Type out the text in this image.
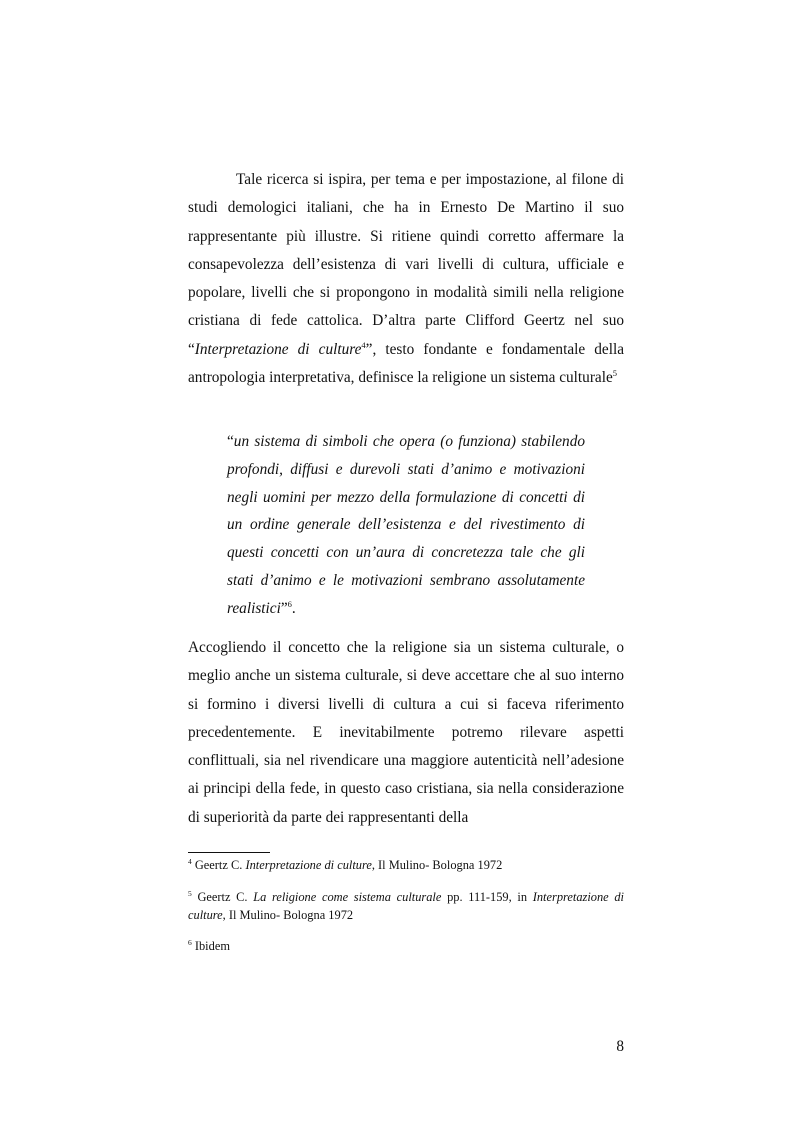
Tale ricerca si ispira, per tema e per impostazione, al filone di studi demologici italiani, che ha in Ernesto De Martino il suo rappresentante più illustre. Si ritiene quindi corretto affermare la consapevolezza dell’esistenza di vari livelli di cultura, ufficiale e popolare, livelli che si propongono in modalità simili nella religione cristiana di fede cattolica. D’altra parte Clifford Geertz nel suo “Interpretazione di culture$^4$”, testo fondante e fondamentale della antropologia interpretativa, definisce la religione un sistema culturale$^5$

“un sistema di simboli che opera (o funziona) stabilendo profondi, diffusi e durevoli stati d’animo e motivazioni negli uomini per mezzo della formulazione di concetti di un ordine generale dell’esistenza e del rivestimento di questi concetti con un’aura di concretezza tale che gli stati d’animo e le motivazioni sembrano assolutamente realistici”$^6$.

Accogliendo il concetto che la religione sia un sistema culturale, o meglio anche un sistema culturale, si deve accettare che al suo interno si formino i diversi livelli di cultura a cui si faceva riferimento precedentemente. E inevitabilmente potremo rilevare aspetti conflittuali, sia nel rivendicare una maggiore autenticità nell’adesione ai principi della fede, in questo caso cristiana, sia nella considerazione di superiorità da parte dei rappresentanti della

$^4$ Geertz C. Interpretazione di culture, Il Mulino- Bologna 1972

$^5$ Geertz C. La religione come sistema culturale pp. 111-159, in Interpretazione di culture, Il Mulino- Bologna 1972

$^6$ Ibidem

8
